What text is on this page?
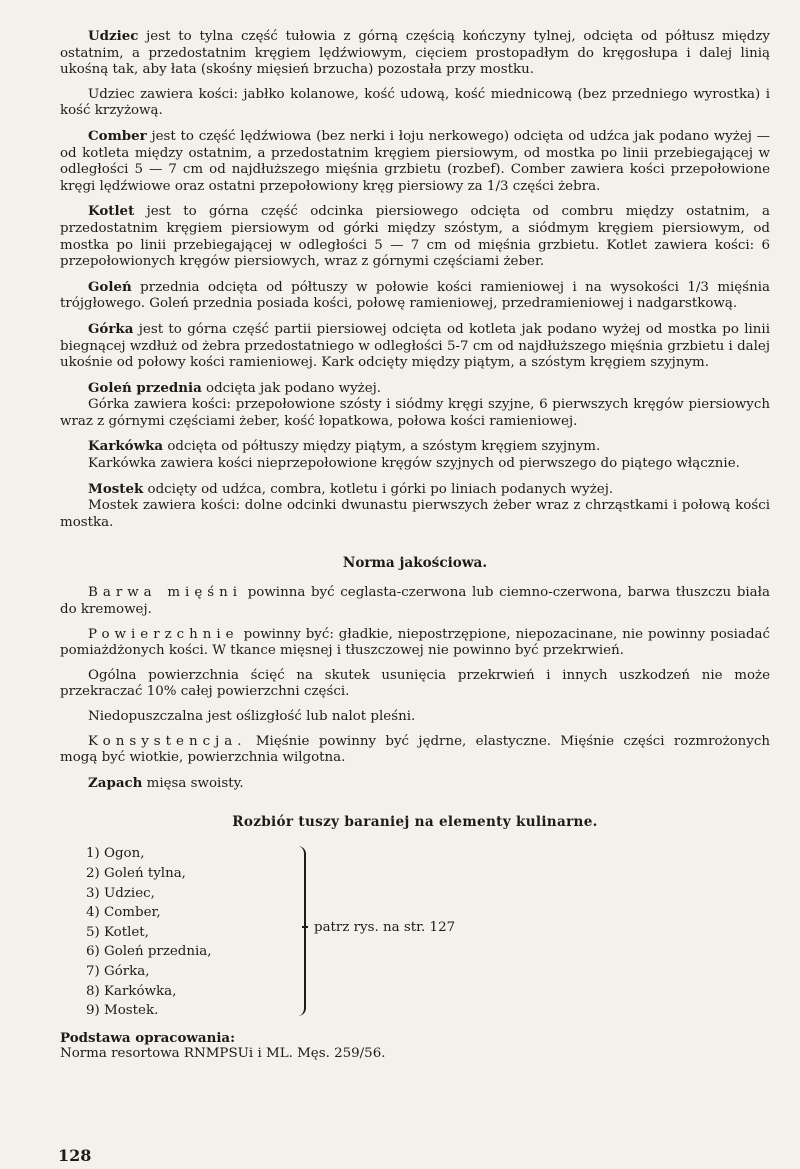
Udziec jest to tylna część tułowia z górną częścią kończyny tylnej, odcięta od półtusz między ostatnim, a przedostatnim kręgiem lędźwiowym, cięciem prostopadłym do kręgosłupa i dalej linią ukośną tak, aby łata (skośny mięsień brzucha) pozostała przy mostku.

Udziec zawiera kości: jabłko kolanowe, kość udową, kość miednicową (bez przedniego wyrostka) i kość krzyżową.

Comber jest to część lędźwiowa (bez nerki i łoju nerkowego) odcięta od udźca jak podano wyżej — od kotleta między ostatnim, a przedostatnim kręgiem piersiowym, od mostka po linii przebiegającej w odległości 5 — 7 cm od najdłuższego mięśnia grzbietu (rozbef). Comber zawiera kości przepołowione kręgi lędźwiowe oraz ostatni przepołowiony kręg piersiowy za 1/3 części żebra.

Kotlet jest to górna część odcinka piersiowego odcięta od combru między ostatnim, a przedostatnim kręgiem piersiowym od górki między szóstym, a siódmym kręgiem piersiowym, od mostka po linii przebiegającej w odległości 5 — 7 cm od mięśnia grzbietu. Kotlet zawiera kości: 6 przepołowionych kręgów piersiowych, wraz z górnymi częściami żeber.

Goleń przednia odcięta od półtuszy w połowie kości ramieniowej i na wysokości 1/3 mięśnia trójgłowego. Goleń przednia posiada kości, połowę ramieniowej, przedramieniowej i nadgarstkową.

Górka jest to górna część partii piersiowej odcięta od kotleta jak podano wyżej od mostka po linii biegnącej wzdłuż od żebra przedostatniego w odległości 5-7 cm od najdłuższego mięśnia grzbietu i dalej ukośnie od połowy kości ramieniowej. Kark odcięty między piątym, a szóstym kręgiem szyjnym.

Goleń przednia odcięta jak podano wyżej.

Górka zawiera kości: przepołowione szósty i siódmy kręgi szyjne, 6 pierwszych kręgów piersiowych wraz z górnymi częściami żeber, kość łopatkowa, połowa kości ramieniowej.

Karkówka odcięta od półtuszy między piątym, a szóstym kręgiem szyjnym.

Karkówka zawiera kości nieprzepołowione kręgów szyjnych od pierwszego do piątego włącznie.

Mostek odcięty od udźca, combra, kotletu i górki po liniach podanych wyżej.

Mostek zawiera kości: dolne odcinki dwunastu pierwszych żeber wraz z chrząstkami i połową kości mostka.

Norma jakościowa.

Barwa mięśni powinna być ceglasta-czerwona lub ciemno-czerwona, barwa tłuszczu biała do kremowej.

Powierzchnie powinny być: gładkie, niepostrzępione, niepozacinane, nie powinny posiadać pomiażdżonych kości. W tkance mięsnej i tłuszczowej nie powinno być przekrwień.

Ogólna powierzchnia ścięć na skutek usunięcia przekrwień i innych uszkodzeń nie może przekraczać 10% całej powierzchni części.

Niedopuszczalna jest oślizgłość lub nalot pleśni.

Konsystencja. Mięśnie powinny być jędrne, elastyczne. Mięśnie części rozmrożonych mogą być wiotkie, powierzchnia wilgotna.

Zapach mięsa swoisty.

Rozbiór tuszy baraniej na elementy kulinarne.
1) Ogon,
2) Goleń tylna,
3) Udziec,
4) Comber,
5) Kotlet,
6) Goleń przednia,
7) Górka,
8) Karkówka,
9) Mostek.
patrz rys. na str. 127
Podstawa opracowania:

Norma resortowa RNMPSUi i ML. Męs. 259/56.

128
